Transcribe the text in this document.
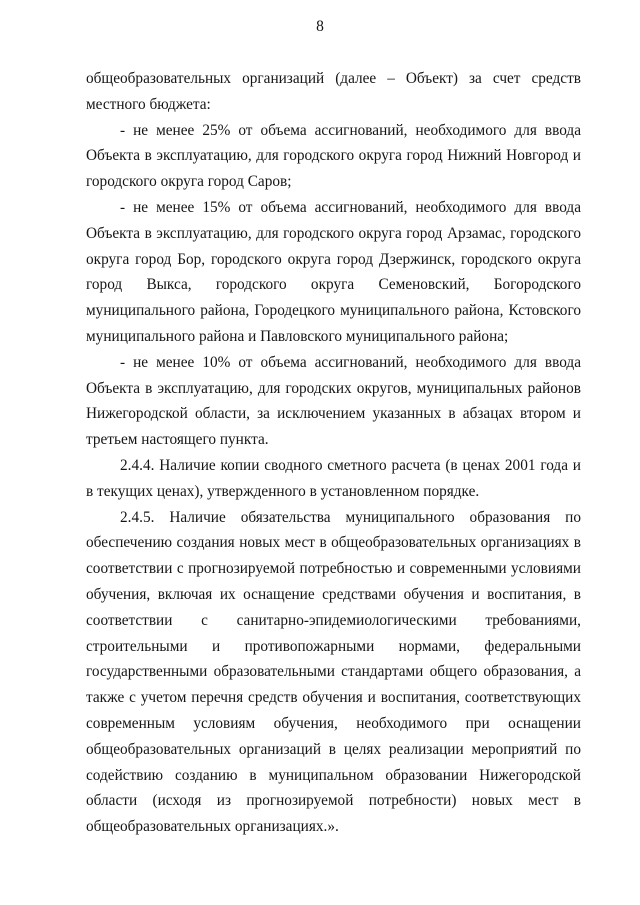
8

общеобразовательных организаций (далее – Объект) за счет средств местного бюджета:

- не менее 25% от объема ассигнований, необходимого для ввода Объекта в эксплуатацию, для городского округа город Нижний Новгород и городского округа город Саров;

- не менее 15% от объема ассигнований, необходимого для ввода Объекта в эксплуатацию, для городского округа город Арзамас, городского округа город Бор, городского округа город Дзержинск, городского округа город Выкса, городского округа Семеновский, Богородского муниципального района, Городецкого муниципального района, Кстовского муниципального района и Павловского муниципального района;

- не менее 10% от объема ассигнований, необходимого для ввода Объекта в эксплуатацию, для городских округов, муниципальных районов Нижегородской области, за исключением указанных в абзацах втором и третьем настоящего пункта.

2.4.4. Наличие копии сводного сметного расчета (в ценах 2001 года и в текущих ценах), утвержденного в установленном порядке.

2.4.5. Наличие обязательства муниципального образования по обеспечению создания новых мест в общеобразовательных организациях в соответствии с прогнозируемой потребностью и современными условиями обучения, включая их оснащение средствами обучения и воспитания, в соответствии с санитарно-эпидемиологическими требованиями, строительными и противопожарными нормами, федеральными государственными образовательными стандартами общего образования, а также с учетом перечня средств обучения и воспитания, соответствующих современным условиям обучения, необходимого при оснащении общеобразовательных организаций в целях реализации мероприятий по содействию созданию в муниципальном образовании Нижегородской области (исходя из прогнозируемой потребности) новых мест в общеобразовательных организациях.».
